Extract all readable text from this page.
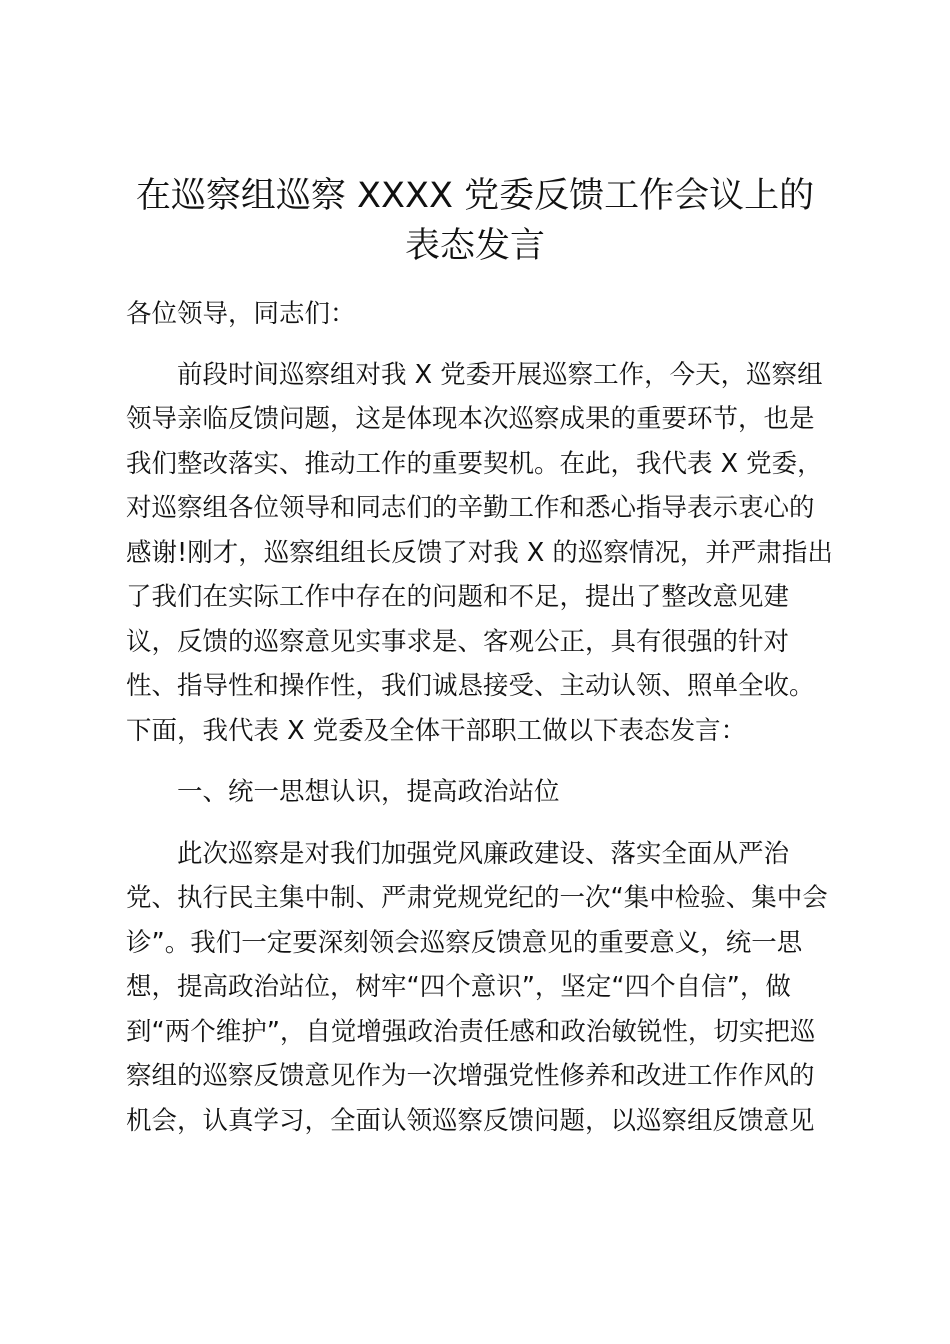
在巡察组巡察 XXXX 党委反馈工作会议上的
表态发言

各位领导，同志们：

　　前段时间巡察组对我 X 党委开展巡察工作，今天，巡察组

领导亲临反馈问题，这是体现本次巡察成果的重要环节，也是

我们整改落实、推动工作的重要契机。在此，我代表 X 党委，

对巡察组各位领导和同志们的辛勤工作和悉心指导表示衷心的

感谢!刚才，巡察组组长反馈了对我 X 的巡察情况，并严肃指出

了我们在实际工作中存在的问题和不足，提出了整改意见建

议，反馈的巡察意见实事求是、客观公正，具有很强的针对

性、指导性和操作性，我们诚恳接受、主动认领、照单全收。

下面，我代表 X 党委及全体干部职工做以下表态发言：

　　一、统一思想认识，提高政治站位

　　此次巡察是对我们加强党风廉政建设、落实全面从严治

党、执行民主集中制、严肃党规党纪的一次“集中检验、集中会

诊”。我们一定要深刻领会巡察反馈意见的重要意义，统一思

想，提高政治站位，树牢“四个意识”，坚定“四个自信”，做

到“两个维护”，自觉增强政治责任感和政治敏锐性，切实把巡

察组的巡察反馈意见作为一次增强党性修养和改进工作作风的

机会，认真学习，全面认领巡察反馈问题，以巡察组反馈意见
